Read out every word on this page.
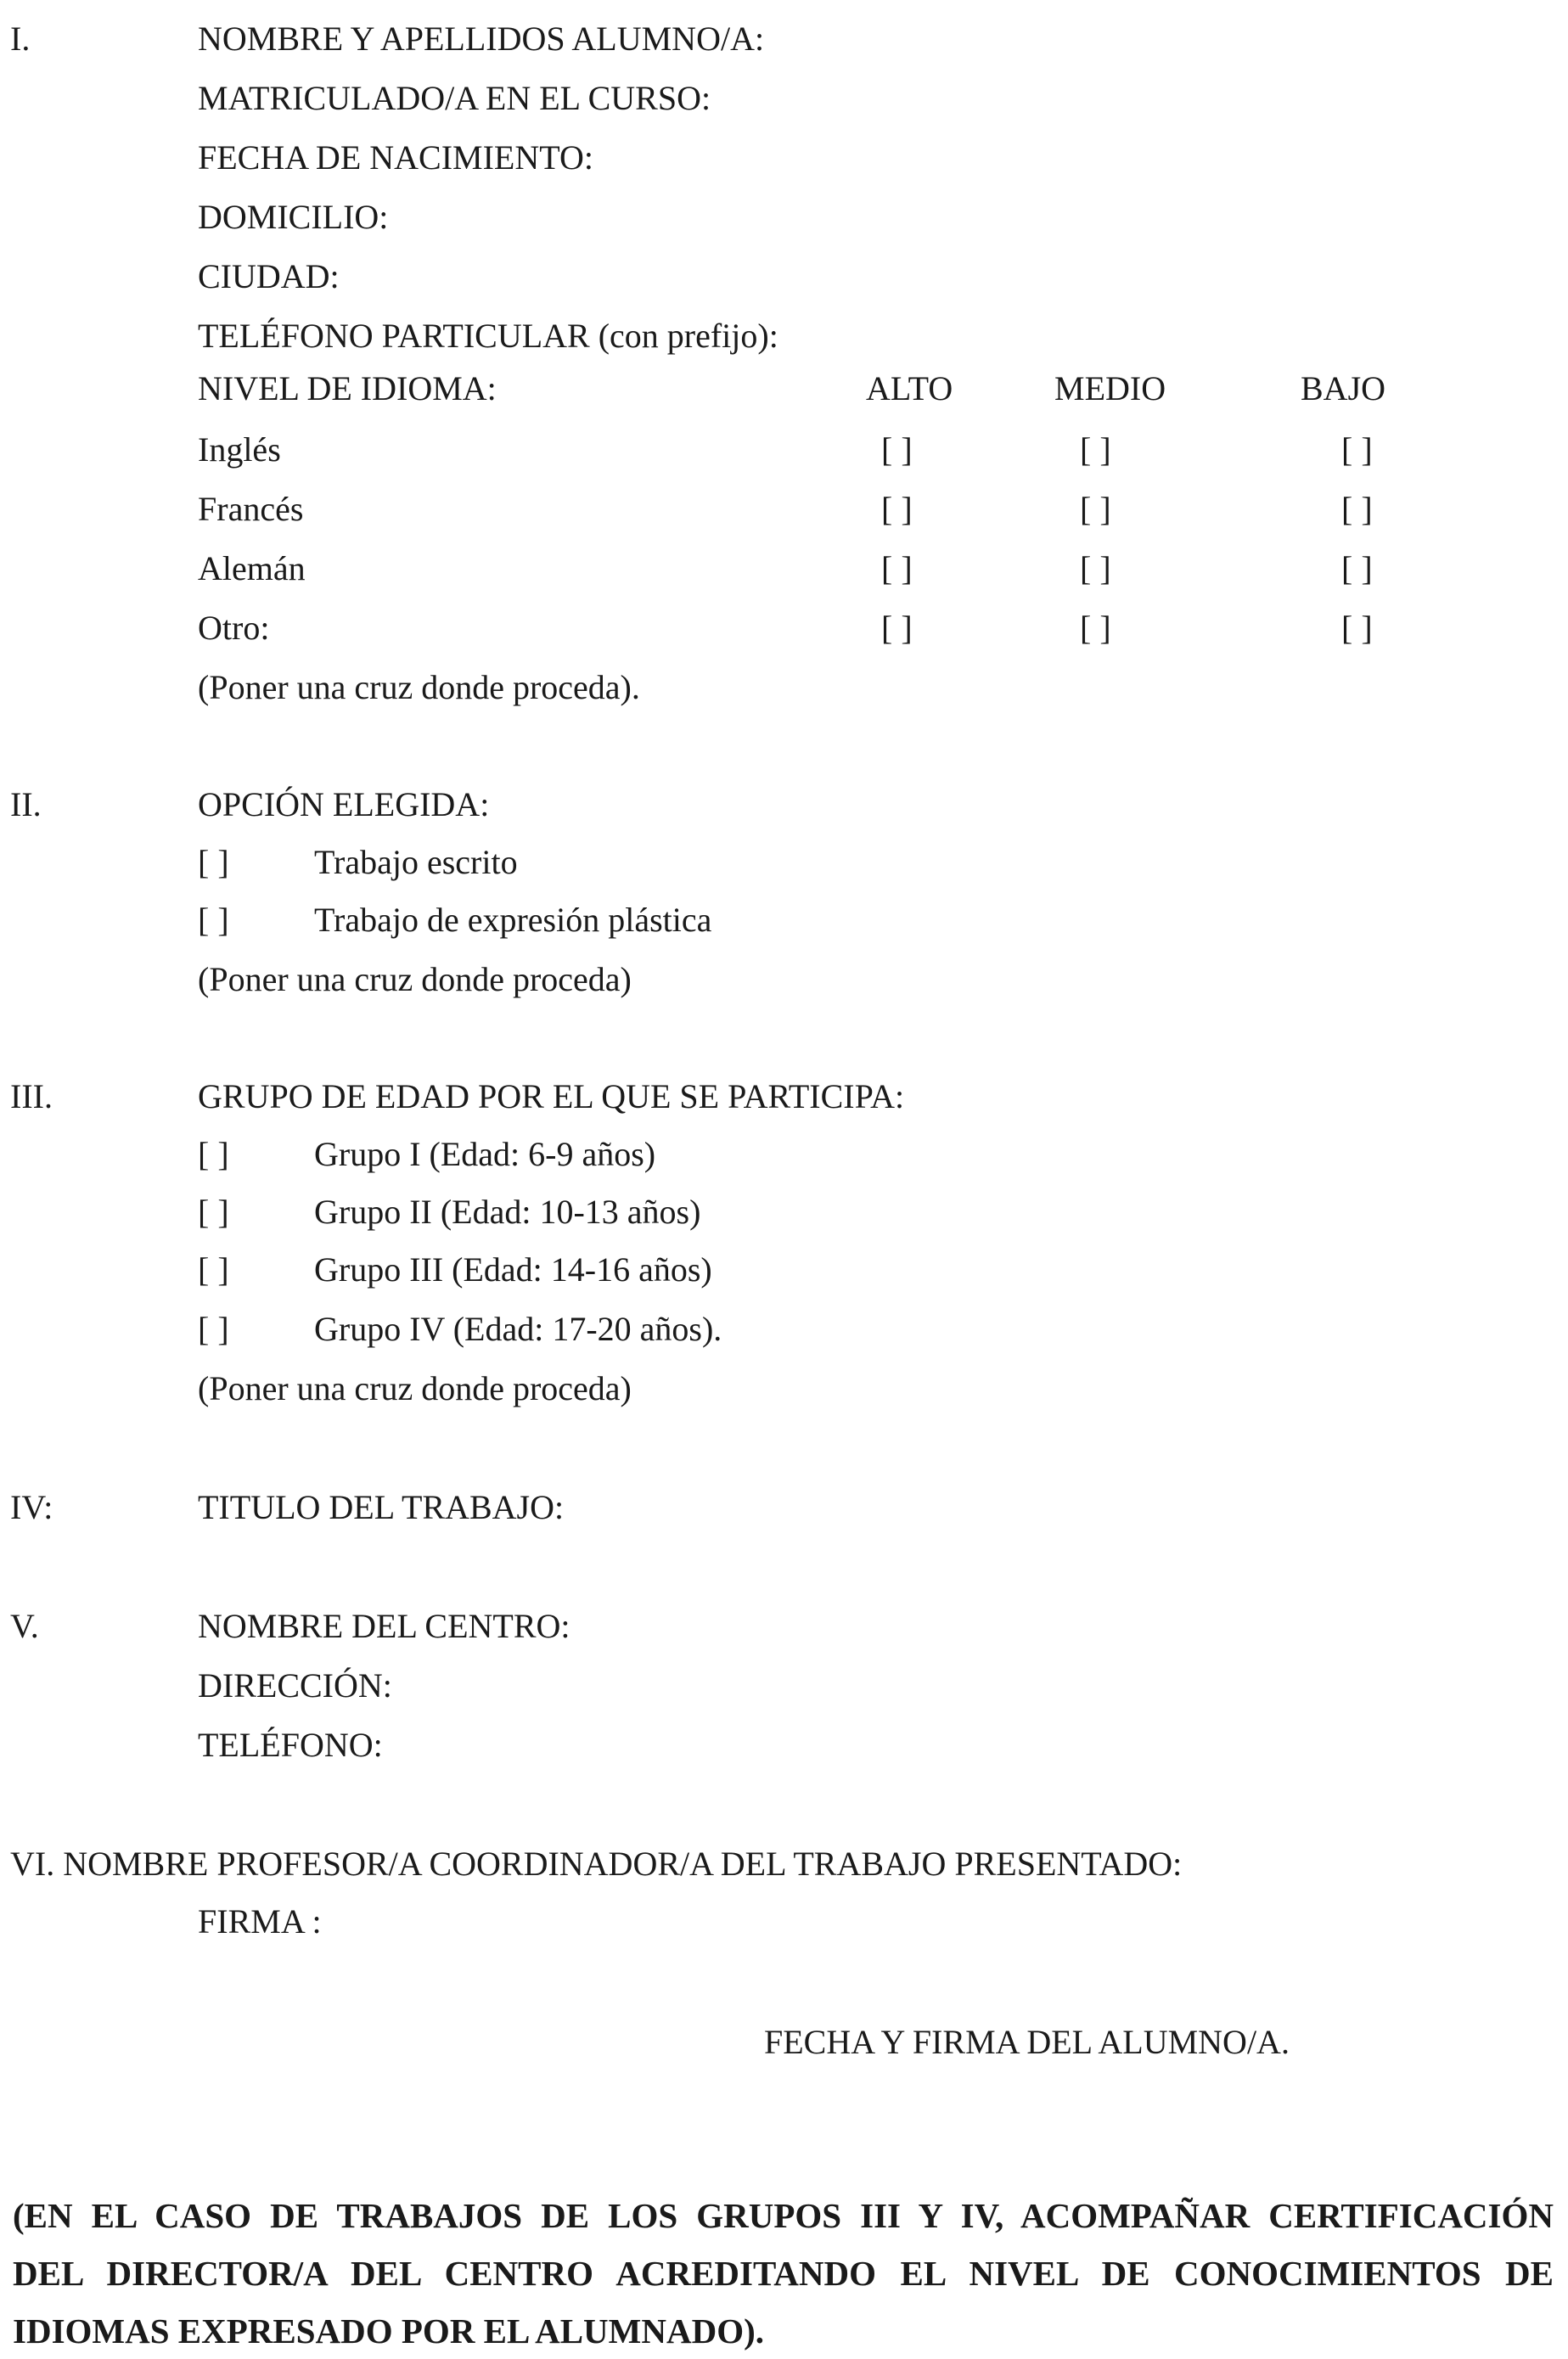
I.	NOMBRE Y APELLIDOS ALUMNO/A:
MATRICULADO/A EN EL CURSO:
FECHA DE NACIMIENTO:
DOMICILIO:
CIUDAD:
TELÉFONO PARTICULAR (con prefijo):
NIVEL DE IDIOMA:	ALTO	MEDIO	BAJO
Inglés	[ ]	[ ]	[ ]
Francés	[ ]	[ ]	[ ]
Alemán	[ ]	[ ]	[ ]
Otro:	[ ]	[ ]	[ ]
(Poner una cruz donde proceda).
II.	OPCIÓN ELEGIDA:
[ ]	Trabajo escrito
[ ]	Trabajo de expresión plástica
(Poner una cruz donde proceda)
III.	GRUPO DE EDAD POR EL QUE SE PARTICIPA:
[ ]	Grupo I (Edad: 6-9 años)
[ ]	Grupo II (Edad: 10-13 años)
[ ]	Grupo III (Edad: 14-16 años)
[ ]	Grupo IV (Edad: 17-20 años).
(Poner una cruz donde proceda)
IV:	TITULO DEL TRABAJO:
V.	NOMBRE DEL CENTRO:
DIRECCIÓN:
TELÉFONO:
VI. NOMBRE PROFESOR/A COORDINADOR/A DEL TRABAJO PRESENTADO:
FIRMA :
FECHA Y FIRMA DEL ALUMNO/A.
(EN EL CASO DE TRABAJOS DE LOS GRUPOS III Y IV, ACOMPAÑAR CERTIFICACIÓN
DEL DIRECTOR/A DEL CENTRO ACREDITANDO EL NIVEL DE CONOCIMIENTOS DE
IDIOMAS EXPRESADO POR EL ALUMNADO).
